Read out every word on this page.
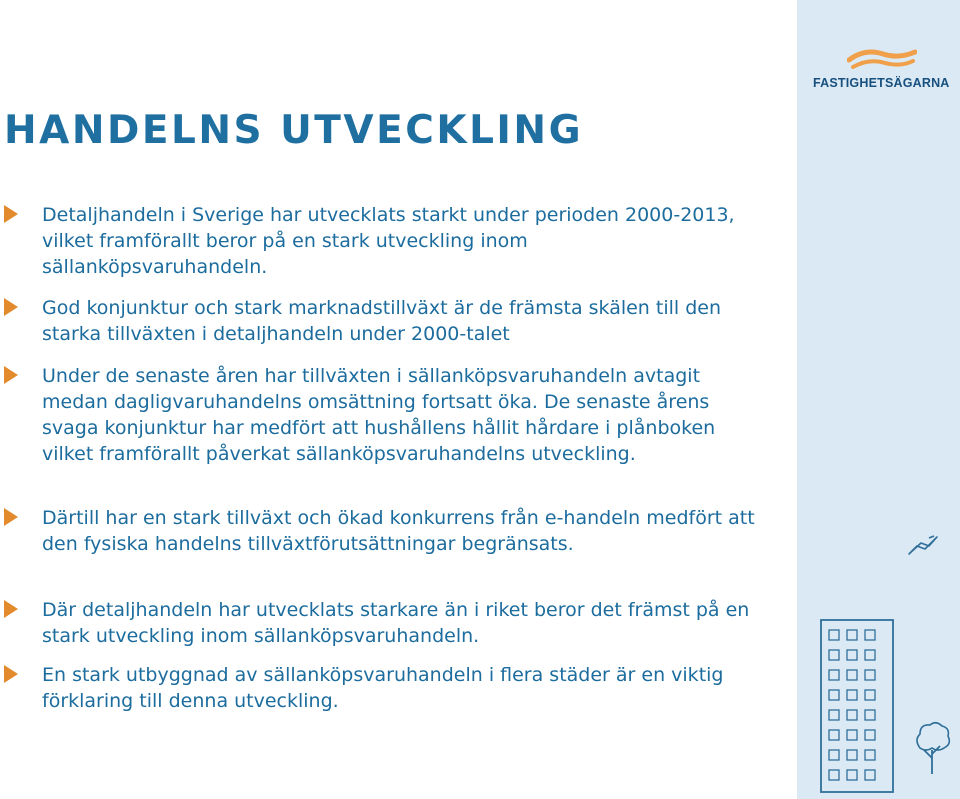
HANDELNS UTVECKLING
Detaljhandeln i Sverige har utvecklats starkt under perioden 2000-2013, vilket framförallt beror på en stark utveckling inom sällanköpsvaruhandeln.
God konjunktur och stark marknadstillväxt är de främsta skälen till den starka tillväxten i detaljhandeln under 2000-talet
Under de senaste åren har tillväxten i sällanköpsvaruhandeln avtagit medan dagligvaruhandelns omsättning fortsatt öka. De senaste årens svaga konjunktur har medfört att hushållens hållit hårdare i plånboken vilket framförallt påverkat sällanköpsvaruhandelns utveckling.
Därtill har en stark tillväxt och ökad konkurrens från e-handeln medfört att den fysiska handelns tillväxtförutsättningar begränsats.
Där detaljhandeln har utvecklats starkare än i riket beror det främst på en stark utveckling inom sällanköpsvaruhandeln.
En stark utbyggnad av sällanköpsvaruhandeln i flera städer är en viktig förklaring till denna utveckling.
FASTIGHETSÄGARNA
